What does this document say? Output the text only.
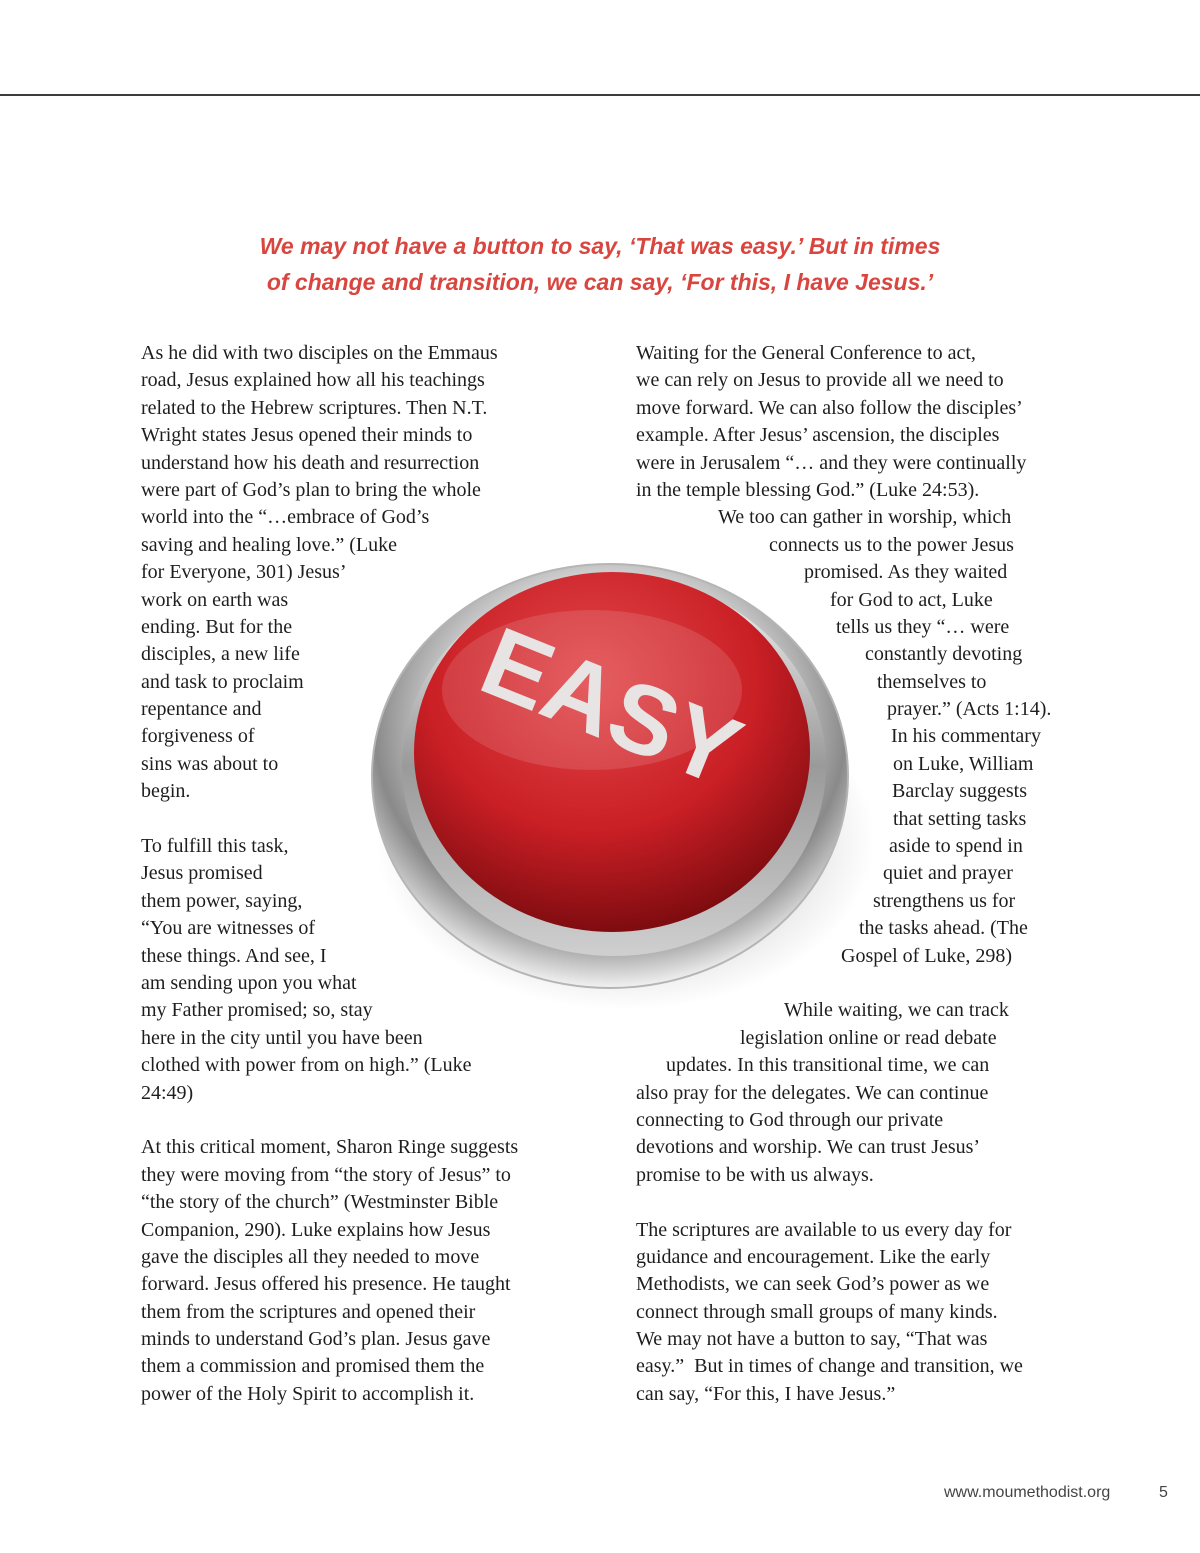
We may not have a button to say, ‘That was easy.’ But in times
of change and transition, we can say, ‘For this, I have Jesus.’
As he did with two disciples on the Emmaus
road, Jesus explained how all his teachings
related to the Hebrew scriptures. Then N.T.
Wright states Jesus opened their minds to
understand how his death and resurrection
were part of God’s plan to bring the whole
world into the “…embrace of God’s
saving and healing love.” (Luke
for Everyone, 301) Jesus’
work on earth was
ending. But for the
disciples, a new life
and task to proclaim
repentance and
forgiveness of
sins was about to
begin.
To fulfill this task,
Jesus promised
them power, saying,
“You are witnesses of
these things. And see, I
am sending upon you what
my Father promised; so, stay
here in the city until you have been
clothed with power from on high.” (Luke
24:49)
At this critical moment, Sharon Ringe suggests
they were moving from “the story of Jesus” to
“the story of the church” (Westminster Bible
Companion, 290). Luke explains how Jesus
gave the disciples all they needed to move
forward. Jesus offered his presence. He taught
them from the scriptures and opened their
minds to understand God’s plan. Jesus gave
them a commission and promised them the
power of the Holy Spirit to accomplish it.
Waiting for the General Conference to act,
we can rely on Jesus to provide all we need to
move forward. We can also follow the disciples’
example. After Jesus’ ascension, the disciples
were in Jerusalem “… and they were continually
in the temple blessing God.” (Luke 24:53).
We too can gather in worship, which
connects us to the power Jesus
promised. As they waited
for God to act, Luke
tells us they “… were
constantly devoting
themselves to
prayer.” (Acts 1:14).
In his commentary
on Luke, William
Barclay suggests
that setting tasks
aside to spend in
quiet and prayer
strengthens us for
the tasks ahead. (The
Gospel of Luke, 298)
While waiting, we can track
legislation online or read debate
updates. In this transitional time, we can
also pray for the delegates. We can continue
connecting to God through our private
devotions and worship. We can trust Jesus’
promise to be with us always.
The scriptures are available to us every day for
guidance and encouragement. Like the early
Methodists, we can seek God’s power as we
connect through small groups of many kinds.
We may not have a button to say, “That was
easy.”  But in times of change and transition, we
can say, “For this, I have Jesus.”
EASY
www.moumethodist.org	5
